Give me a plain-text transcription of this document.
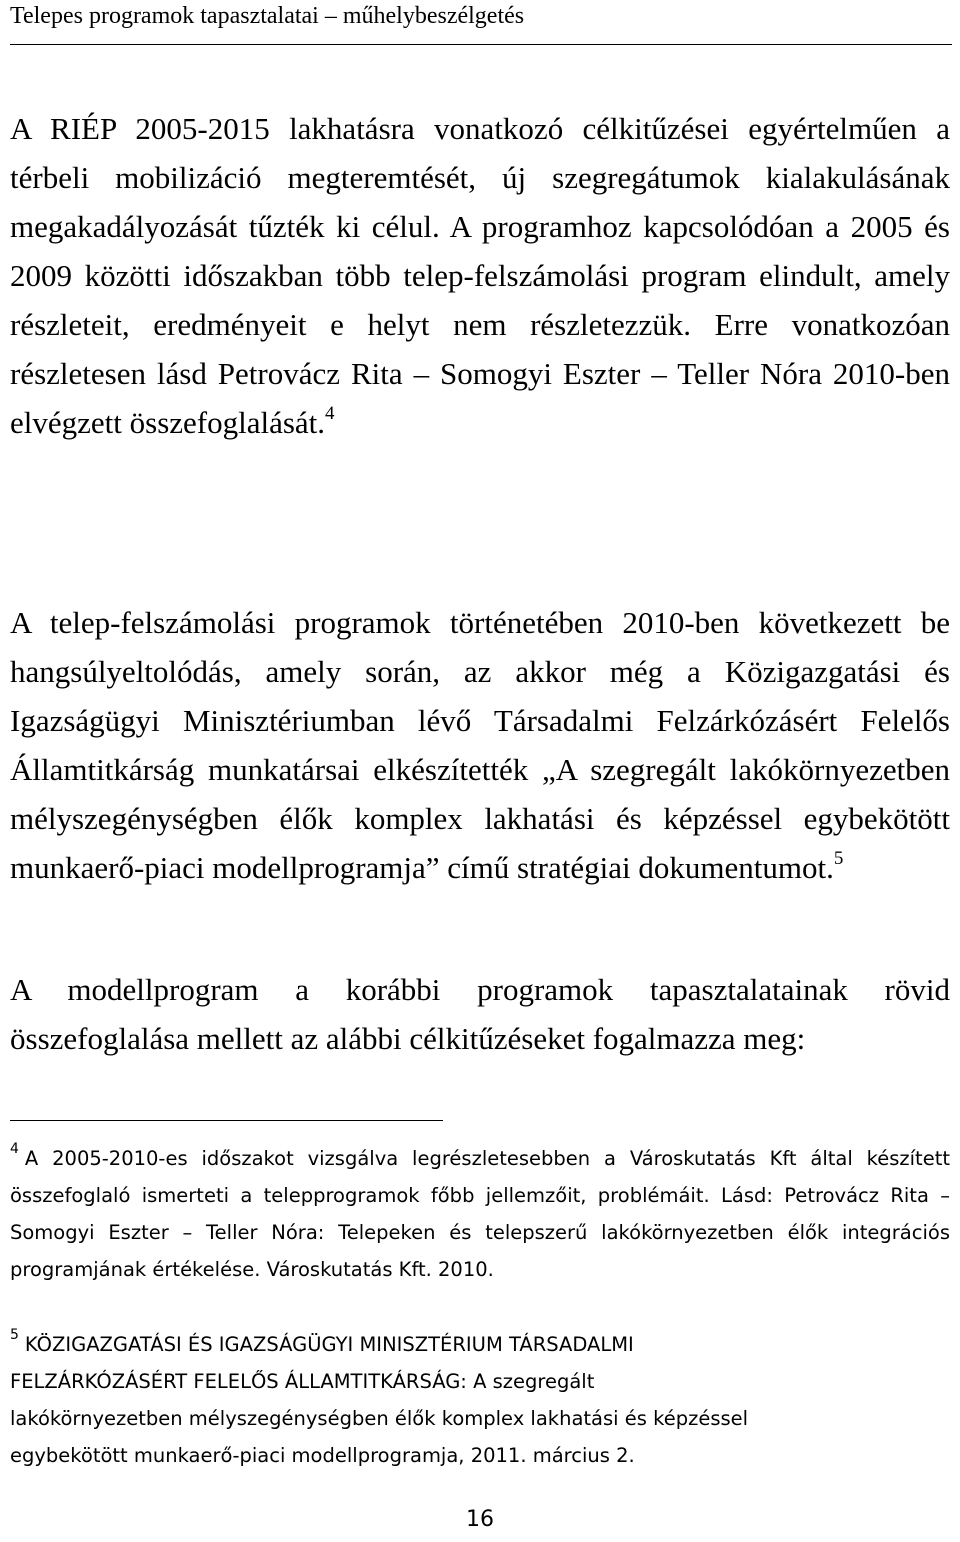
Telepes programok tapasztalatai – műhelybeszélgetés
A RIÉP 2005-2015 lakhatásra vonatkozó célkitűzései egyértelműen a térbeli mobilizáció megteremtését, új szegregátumok kialakulásának megakadályozását tűzték ki célul. A programhoz kapcsolódóan a 2005 és 2009 közötti időszakban több telep-felszámolási program elindult, amely részleteit, eredményeit e helyt nem részletezzük. Erre vonatkozóan részletesen lásd Petrovácz Rita – Somogyi Eszter – Teller Nóra 2010-ben elvégzett összefoglalását.$^4$
A telep-felszámolási programok történetében 2010-ben következett be hangsúlyeltolódás, amely során, az akkor még a Közigazgatási és Igazságügyi Minisztériumban lévő Társadalmi Felzárkózásért Felelős Államtitkárság munkatársai elkészítették „A szegregált lakókörnyezetben mélyszegénységben élők komplex lakhatási és képzéssel egybekötött munkaerő-piaci modellprogramja” című stratégiai dokumentumot.$^5$
A modellprogram a korábbi programok tapasztalatainak rövid összefoglalása mellett az alábbi célkitűzéseket fogalmazza meg:
$^4$ A 2005-2010-es időszakot vizsgálva legrészletesebben a Városkutatás Kft által készített összefoglaló ismerteti a telepprogramok főbb jellemzőit, problémáit. Lásd: Petrovácz Rita – Somogyi Eszter – Teller Nóra: Telepeken és telepszerű lakókörnyezetben élők integrációs programjának értékelése. Városkutatás Kft. 2010.
$^5$ KÖZIGAZGATÁSI ÉS IGAZSÁGÜGYI MINISZTÉRIUM TÁRSADALMI
FELZÁRKÓZÁSÉRT FELELŐS ÁLLAMTITKÁRSÁG: A szegregált
lakókörnyezetben mélyszegénységben élők komplex lakhatási és képzéssel
egybekötött munkaerő-piaci modellprogramja, 2011. március 2.
16
